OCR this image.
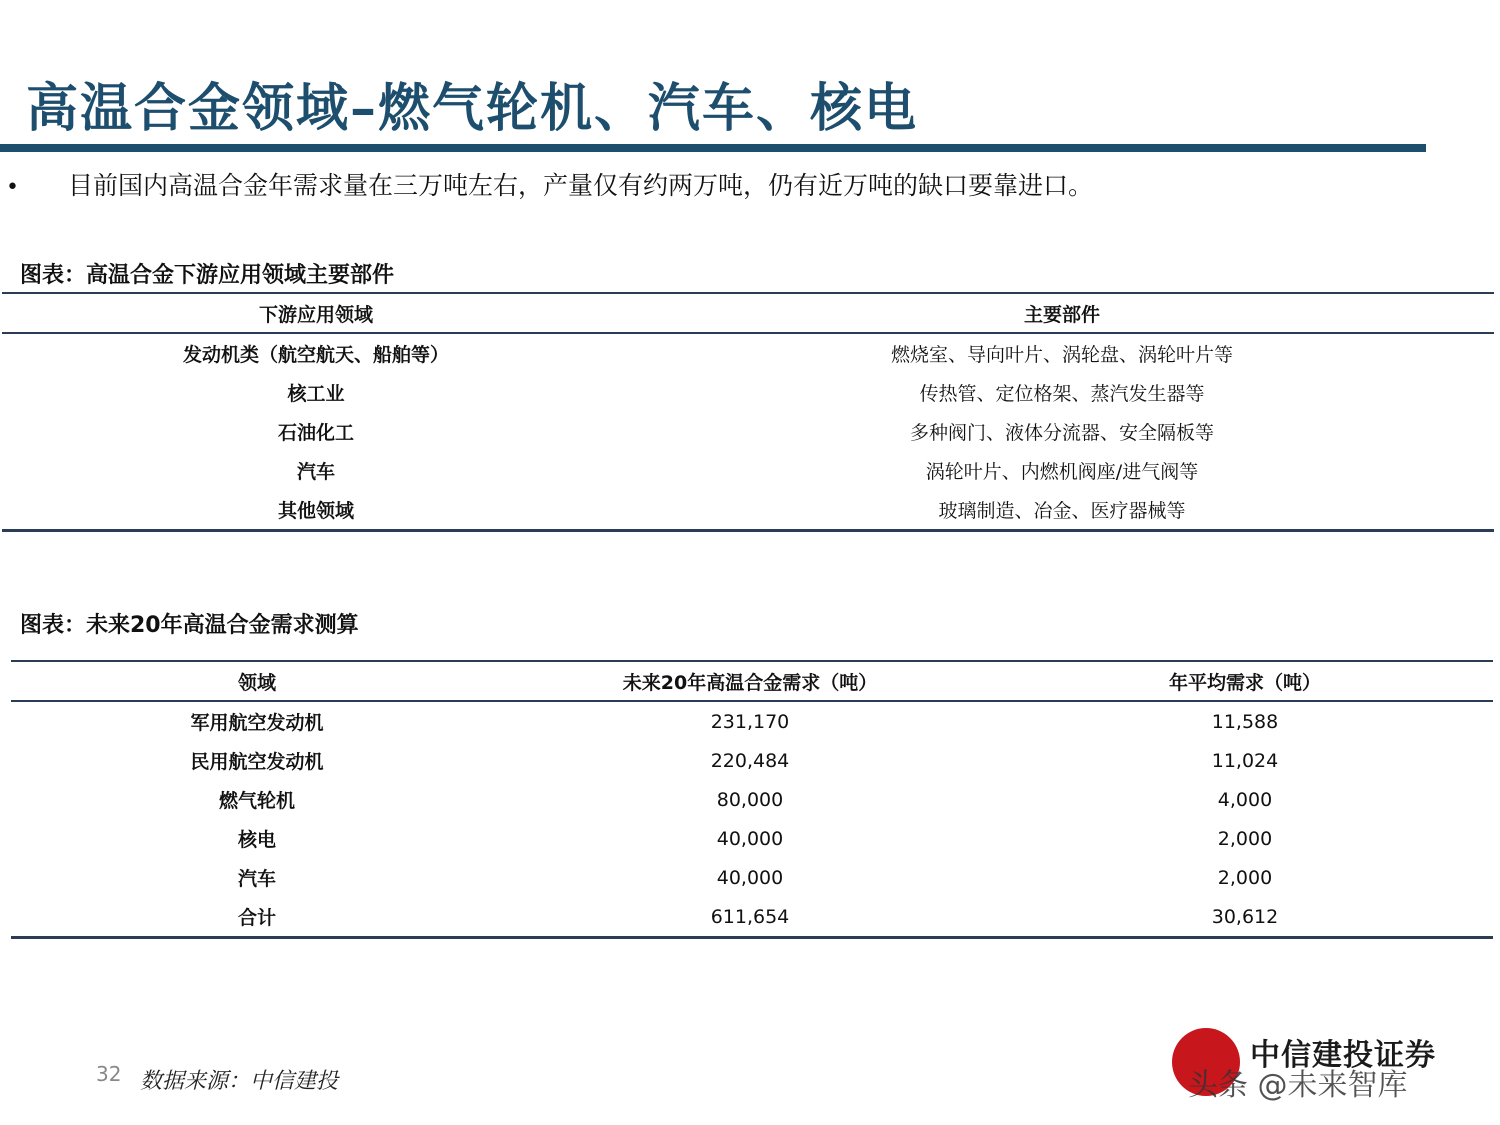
高温合金领域–燃气轮机、汽车、核电
• 目前国内高温合金年需求量在三万吨左右，产量仅有约两万吨，仍有近万吨的缺口要靠进口。
图表：高温合金下游应用领域主要部件
下游应用领域	主要部件
发动机类（航空航天、船舶等）	燃烧室、导向叶片、涡轮盘、涡轮叶片等
核工业	传热管、定位格架、蒸汽发生器等
石油化工	多种阀门、液体分流器、安全隔板等
汽车	涡轮叶片、内燃机阀座/进气阀等
其他领域	玻璃制造、冶金、医疗器械等
图表：未来20年高温合金需求测算
领域	未来20年高温合金需求（吨）	年平均需求（吨）
军用航空发动机	231,170	11,588
民用航空发动机	220,484	11,024
燃气轮机	80,000	4,000
核电	40,000	2,000
汽车	40,000	2,000
合计	611,654	30,612
32 数据来源：中信建投
中信建投证券
头条 @未来智库
